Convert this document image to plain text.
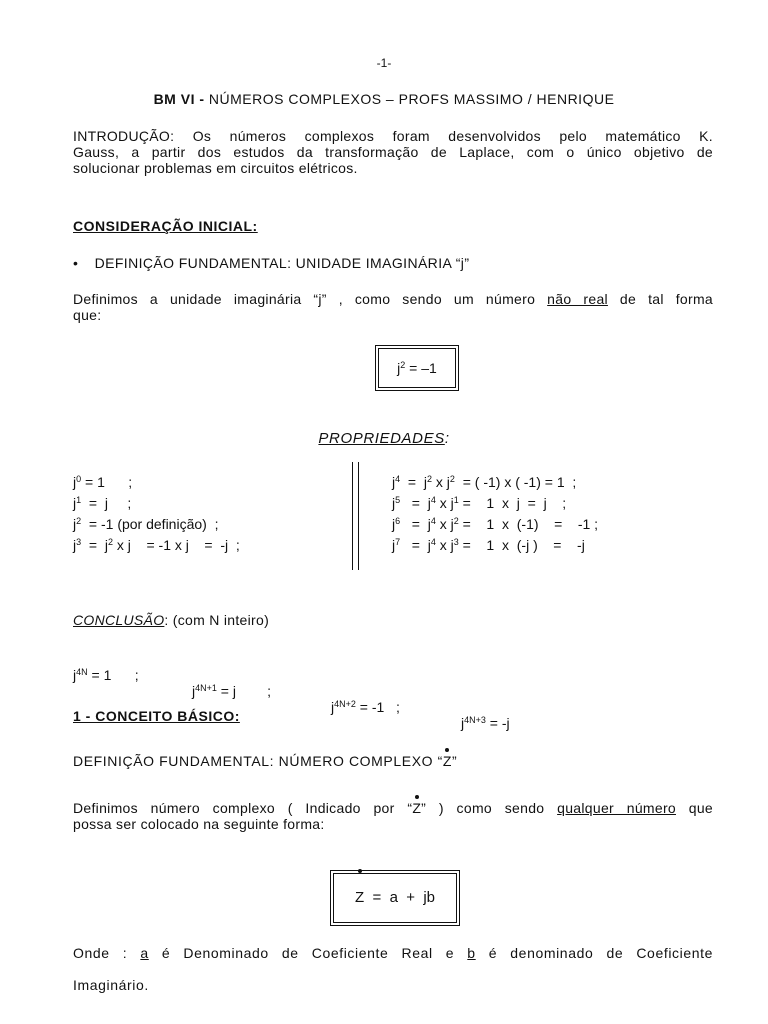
-1-
BM VI - NÚMEROS COMPLEXOS – PROFS MASSIMO / HENRIQUE
INTRODUÇÃO: Os números complexos foram desenvolvidos pelo matemático K.
Gauss, a partir dos estudos da transformação de Laplace, com o único objetivo de
solucionar problemas em circuitos elétricos.
CONSIDERAÇÃO INICIAL:
• DEFINIÇÃO FUNDAMENTAL: UNIDADE IMAGINÁRIA “j”
Definimos a unidade imaginária “j” , como sendo um número não real de tal forma
que:
$j^2 = -1$
PROPRIEDADES:
$j^0 = 1$      ;
$j^1 = j$     ;
$j^2 = -1$ (por definição)  ;
$j^3 = j^2$ x j    = -1 x j    =  -j  ;
$j^4 = j^2$ x $j^2$  = ( -1) x ( -1) = 1  ;
$j^5 = j^4$ x $j^1$ =    1  x  j  =  j    ;
$j^6 = j^4$ x $j^2$ =    1  x  (-1)    =    -1 ;
$j^7 = j^4$ x $j^3$ =    1  x  (-j )    =    -j
CONCLUSÃO: (com N inteiro)

$j^{4N} = 1$      ;

$j^{4N+1} = j$        ;

$j^{4N+2} = -1$   ;

$j^{4N+3} = -j$

1 - CONCEITO BÁSICO:
DEFINIÇÃO FUNDAMENTAL: NÚMERO COMPLEXO “Z”
Definimos número complexo ( Indicado por “Z” ) como sendo qualquer número que
possa ser colocado na seguinte forma:
Z  =  a  +  jb
Onde : a é Denominado de Coeficiente Real e b é denominado de Coeficiente
Imaginário.
